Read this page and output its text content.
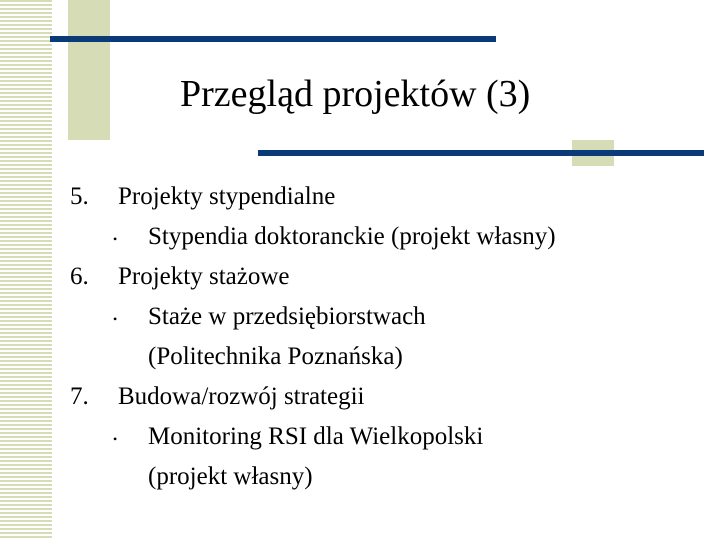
Przegląd projektów (3)
5. Projekty stypendialne
• Stypendia doktoranckie (projekt własny)
6. Projekty stażowe
• Staże w przedsiębiorstwach
(Politechnika Poznańska)
7. Budowa/rozwój strategii
• Monitoring RSI dla Wielkopolski
(projekt własny)
